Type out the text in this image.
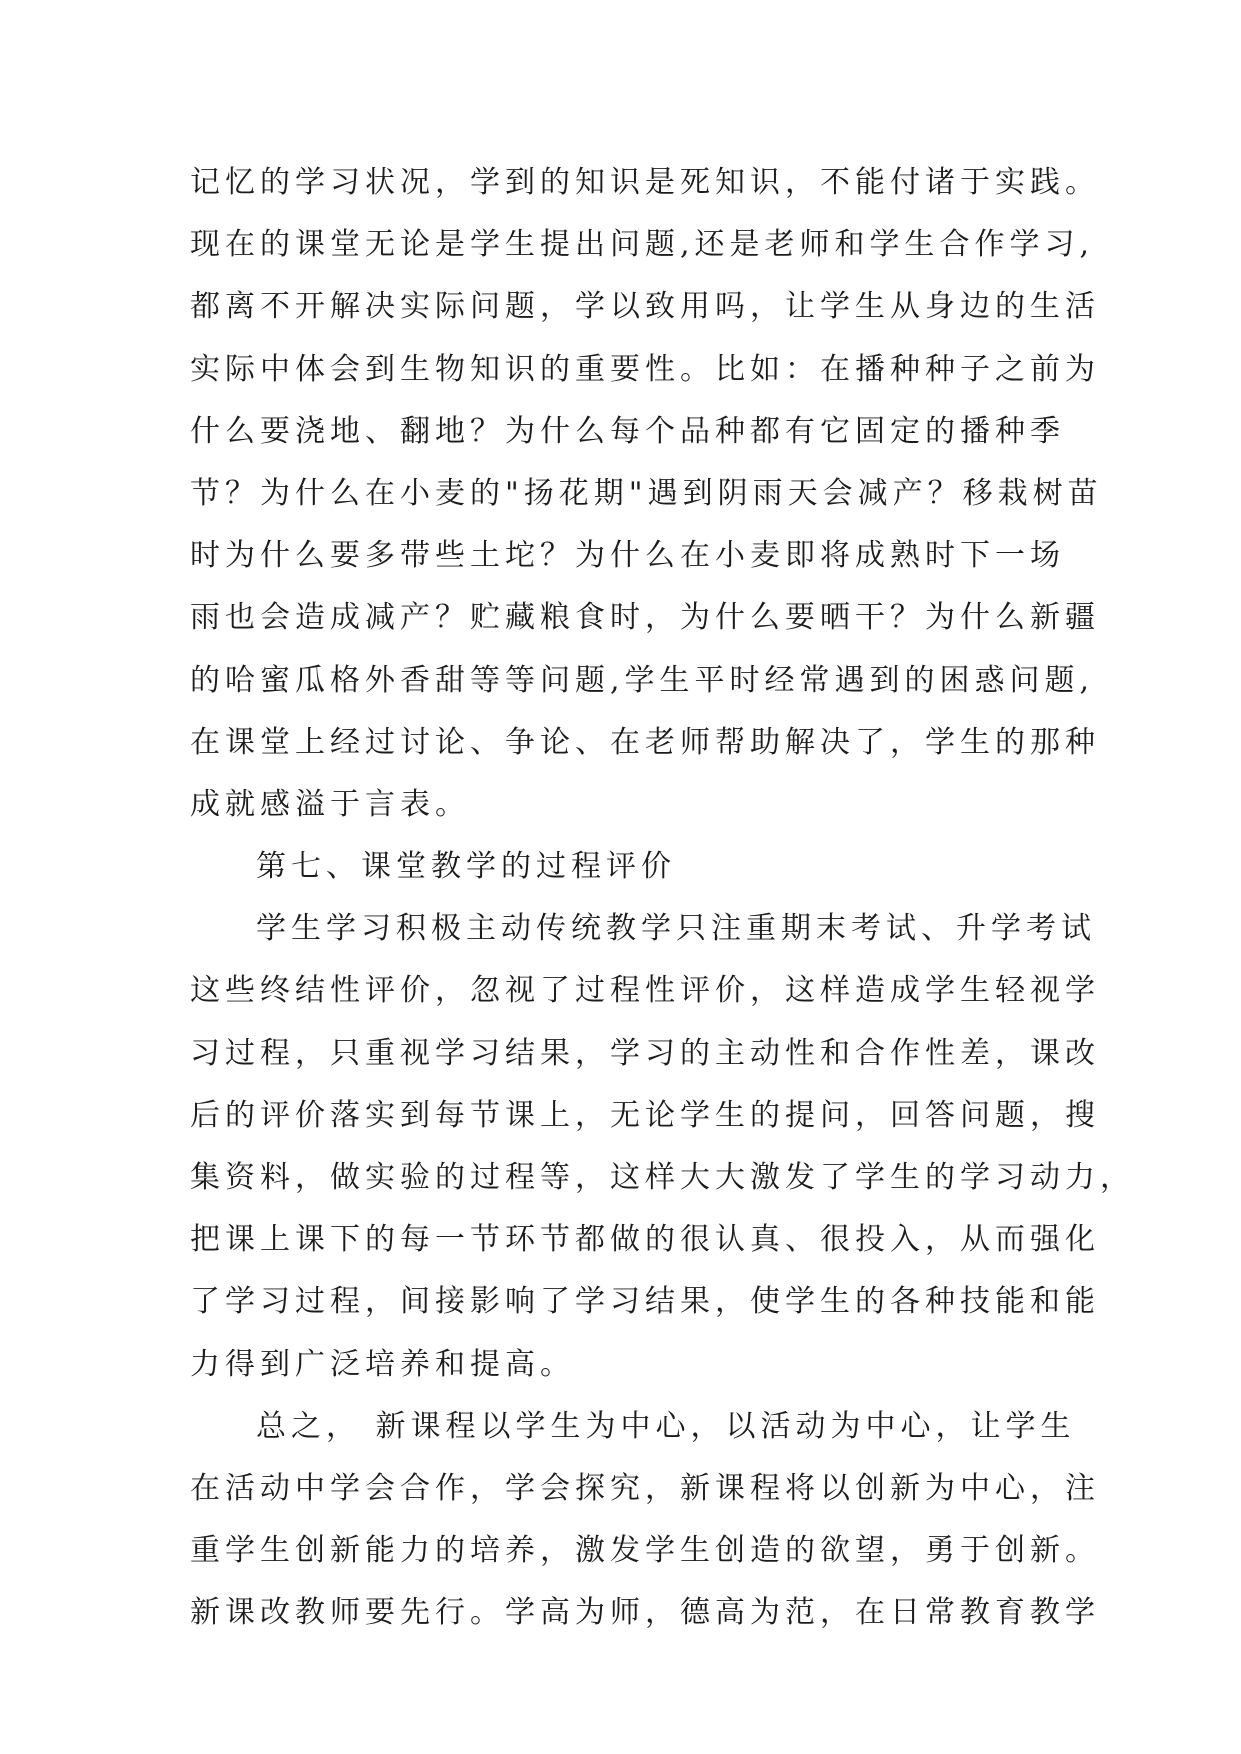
记忆的学习状况，学到的知识是死知识，不能付诸于实践。
现在的课堂无论是学生提出问题,还是老师和学生合作学习,
都离不开解决实际问题，学以致用吗，让学生从身边的生活
实际中体会到生物知识的重要性。比如：在播种种子之前为
什么要浇地、翻地？为什么每个品种都有它固定的播种季
节？为什么在小麦的"扬花期"遇到阴雨天会减产？移栽树苗
时为什么要多带些土坨？为什么在小麦即将成熟时下一场
雨也会造成减产？贮藏粮食时，为什么要晒干？为什么新疆
的哈蜜瓜格外香甜等等问题,学生平时经常遇到的困惑问题,
在课堂上经过讨论、争论、在老师帮助解决了，学生的那种
成就感溢于言表。
第七、课堂教学的过程评价
学生学习积极主动传统教学只注重期末考试、升学考试
这些终结性评价，忽视了过程性评价，这样造成学生轻视学
习过程，只重视学习结果，学习的主动性和合作性差，课改
后的评价落实到每节课上，无论学生的提问，回答问题，搜
集资料，做实验的过程等，这样大大激发了学生的学习动力，
把课上课下的每一节环节都做的很认真、很投入，从而强化
了学习过程，间接影响了学习结果，使学生的各种技能和能
力得到广泛培养和提高。
总之， 新课程以学生为中心，以活动为中心，让学生
在活动中学会合作，学会探究，新课程将以创新为中心，注
重学生创新能力的培养，激发学生创造的欲望，勇于创新。
新课改教师要先行。学高为师，德高为范，在日常教育教学
